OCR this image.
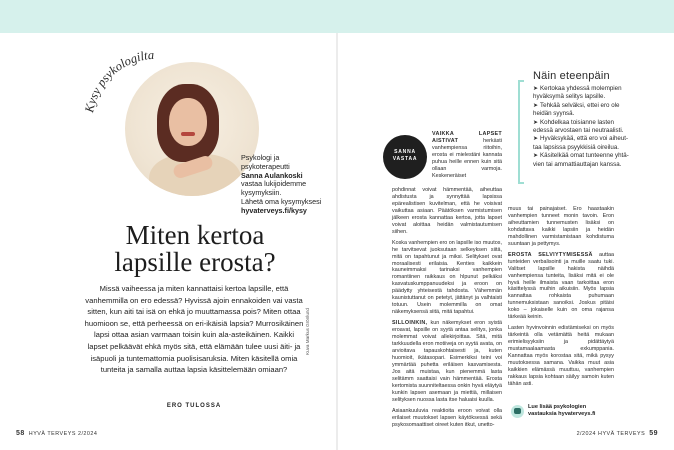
Kysy psykologilta
Psykologi ja
psykoterapeutti
Sanna Aulankoski
vastaa lukijoidemme
kysymyksiin.
Lähetä oma kysymyksesi
hyvaterveys.fi/kysy
Miten kertoa
lapsille erosta?
Missä vaiheessa ja miten kannattaisi kertoa lapsille, että
vanhemmilla on ero edessä? Hyvissä ajoin ennakoiden vai vasta
sitten, kun aiti tai isä on ehkä jo muuttamassa pois? Miten ottaa
huomioon se, että perheessä on eri-ikäisiä lapsia? Murrosikäinen
lapsi ottaa asian varmaan toisin kuin ala-asteikäinen. Kaikki
lapset pelkäävät ehkä myös sitä, että elämään tulee uusi äiti- ja
isäpuoli ja tuntemattomia puolisisaruksia. Miten käsitellä omia
tunteita ja samalla auttaa lapsia käsittelemään omiaan?
ERO TULOSSA
Kuva Markus Grönlund
58 HYVÄ TERVEYS 2/2024	2/2024 HYVÄ TERVEYS 59
SANNA
VASTAA

VAIKKA LAPSET AISTIVAT	herkästi vanhempiensa riitoihin, erosta ei mielestäni kannata puhua heille ennen kuin sitä ollaan varmoja. Keskeneräiset

pohdinnat voivat hämmentää, aiheuttaa ahdistusta ja synnyttää lapsissa epärealistisen kuvitelman, että he voisivat vaikuttaa asiaan. Päätöksen varmistumisen jälkeen erosta kannattaa kertoa, jotta lapset voivat aloittaa heidän valmistautumisen siihen.

Koska vanhempien ero on lapsille iso muutos, he tarvitsevat juoksutaan selkeyksen siitä, mitä on tapahtunut ja miksi. Selitykset ovat moraalisesti erilaisia. Kenties kaikkein kauneimmaksi tarinaksi vanhempien romantiinen raikkaus on hlpunut pelkäksi kasvatuskumppanuudeksi ja eroon on päädytty yhteisestä tahdosta. Vähemmän kaunistuttanut on petetyt, jättänyt ja valhtaisti totuun. Usein molemmilla on omat näkemyksensä siitä, mitä tapahtui.

SILLOINKIN, kun näkemykset eron syistä eroavat, lapsille on syytä antaa selitys, jonka molemmat voivat allekirjoittaa. Sitä, mitä tarkkuudella eron motiiveja on syytä avata, on arvioitava tapauskohtaisesti ja, kuten huomioit, ikätasopari. Esimerkiksi teini voi ymmärtää puhetta eriläisen kasvamisesta. Jos aitä muistaa, kun pienemmä lasta selitämm saattaisi vain hämmentää. Erosta kertomista suunniteltaessa onkin hyvä eläytyä kunkin lapsen asemaan ja miettiä, millaisen selityksen nuossa lasta itse haluaisi kuulla.

Asiaankuuluvia reaktioita eroon voivat olla erilaiset muutokset lapsen käytöksessä sekä psykosomaattiset oireet kuten itkut, unetto-

muus tai painajaiset. Ero haastaakin vanhempien tunneet monin tavoin. Eron aiheuttamien tunnemusten lisäksi on kohdattava kaikki lapsiin ja heidän mahdollinen varmistamistaan kohdistuma suuntaan ja pettymys.

EROSTA SELVIYTYMISESSÄ auttaa tunteiden verbalisointi ja muille saatu tuki. Valitset lapsille hakista näihdä vanhempiensa tunteita, lisäksi mitä ei ole hyvä heille ilmaista vaan tarkoittaa eron käsittelyssä muihin aikuisiin. Myös lapsia kannattaa rohkaista puhumaan tunnemuksistaan sanoiksi. Joskus pitäisi koko – jokaiselle kuin on oma rajansa tärkeää keinin.

Lasten hyvinvoinnin edistämiseksi on myös tärkeintä olla vetämättä heitä mukaan erimielisyyksiin ja pidättäytyä mustamaalaamasta exkumppania. Kannattaa myös korostaa sitä, mikä pysyy muutoksessa samana. Vaikka muut asia kaikkien elämässä muuttuu, vanhempien rakkaus lapsia kohtaan säilyy samoin kuten tähän asti.

Näin eteenpäin
➤ Kertokaa yhdessä molempien
hyväksymä selitys lapsille.
➤ Tehkää selväksi, ettei ero ole
heidän syynsä.
➤ Kohdelkaa toisianne lasten
edessä arvostaen tai neutraalisti.
➤ Hyväksykää, että ero voi aiheut-
taa lapsissa psyykkisiä oireilua.
➤ Käsitelkää omat tunteenne yhtä-
vien tai ammattiauttajan kanssa.
Lue lisää psykologien
vastauksia hyvaterveys.fi
